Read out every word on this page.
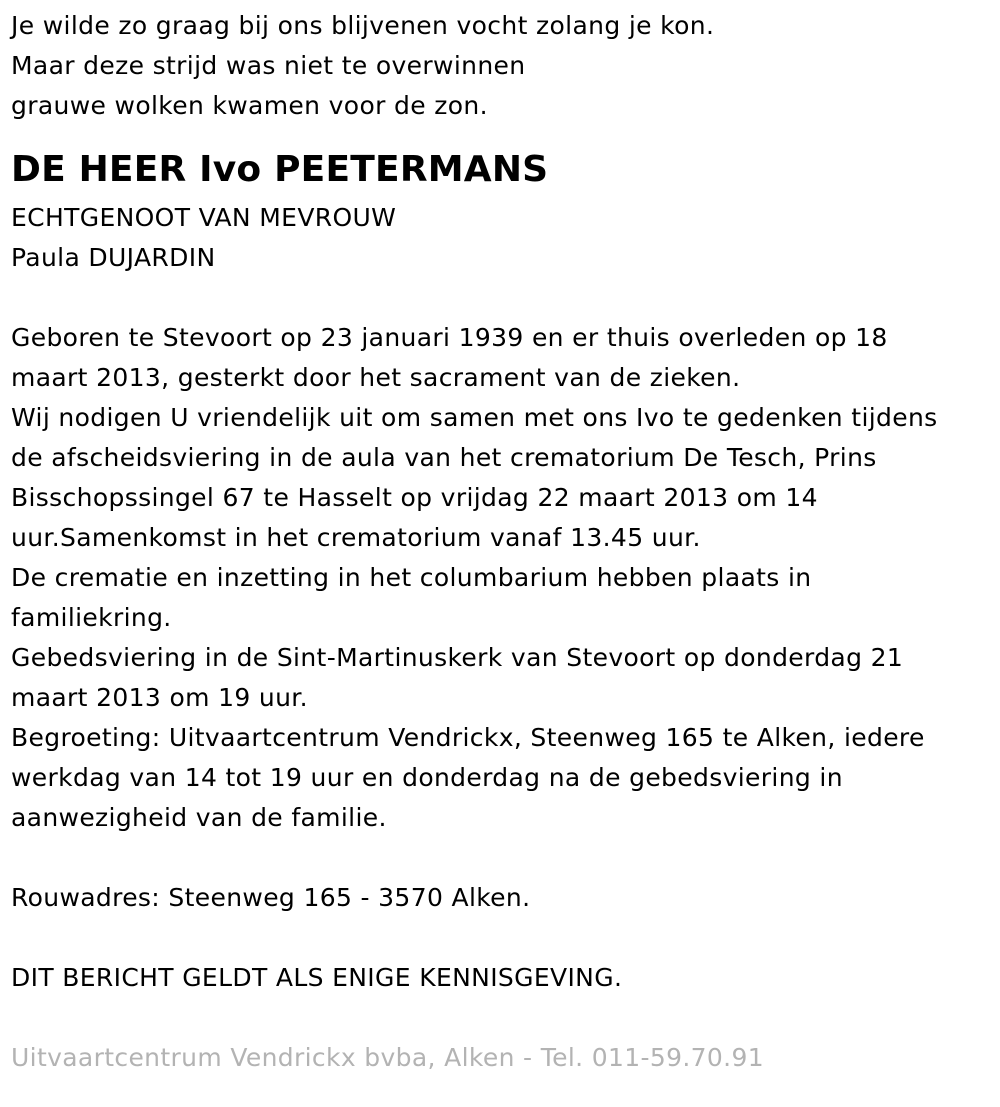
Je wilde zo graag bij ons blijvenen vocht zolang je kon.
Maar deze strijd was niet te overwinnen
grauwe wolken kwamen voor de zon.
DE HEER Ivo PEETERMANS
ECHTGENOOT VAN MEVROUW
Paula DUJARDIN
Geboren te Stevoort op 23 januari 1939 en er thuis overleden op 18
maart 2013, gesterkt door het sacrament van de zieken.
Wij nodigen U vriendelijk uit om samen met ons Ivo te gedenken tijdens
de afscheidsviering in de aula van het crematorium De Tesch, Prins
Bisschopssingel 67 te Hasselt op vrijdag 22 maart 2013 om 14
uur.Samenkomst in het crematorium vanaf 13.45 uur.
De crematie en inzetting in het columbarium hebben plaats in
familiekring.
Gebedsviering in de Sint-Martinuskerk van Stevoort op donderdag 21
maart 2013 om 19 uur.
Begroeting: Uitvaartcentrum Vendrickx, Steenweg 165 te Alken, iedere
werkdag van 14 tot 19 uur en donderdag na de gebedsviering in
aanwezigheid van de familie.
Rouwadres: Steenweg 165 - 3570 Alken.
DIT BERICHT GELDT ALS ENIGE KENNISGEVING.
Uitvaartcentrum Vendrickx bvba, Alken - Tel. 011-59.70.91
